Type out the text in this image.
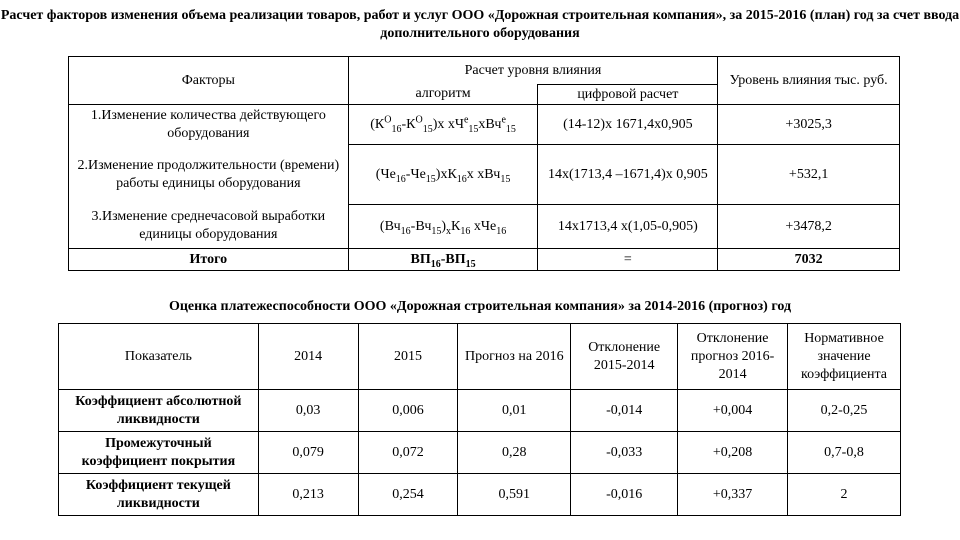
Расчет факторов изменения объема реализации товаров, работ и услуг ООО «Дорожная строительная компания», за 2015-2016 (план) год за счет ввода дополнительного оборудования
Факторы	Расчет уровня влияния		Уровень влияния тыс. руб.
	алгоритм	цифровой расчет	
1.Изменение количества действующего оборудования	$(К^О_{16}-К^О_{15})х$ $хЧ^е_{15}хВч^е_{15}$	(14-12)х 1671,4х0,905	+3025,3
2.Изменение продолжительности (времени) работы единицы оборудования	$(Че_{16}-Че_{15})хК_{16}х$ хВч$_{15}$	14х(1713,4 –1671,4)х 0,905	+532,1
3.Изменение среднечасовой выработки единицы оборудования	$(Вч_{16}-Вч_{15})_хК_{16}$ хЧе$_{16}$	14х1713,4 х(1,05-0,905)	+3478,2
Итого	$ВП_{16}-ВП_{15}$	=	7032
Оценка платежеспособности ООО «Дорожная строительная компания» за 2014-2016 (прогноз) год
Показатель	2014	2015	Прогноз на 2016	Отклонение 2015-2014	Отклонение прогноз 2016-2014	Нормативное значение коэффициента
Коэффициент абсолютной ликвидности	0,03	0,006	0,01	-0,014	+0,004	0,2-0,25
Промежуточный коэффициент покрытия	0,079	0,072	0,28	-0,033	+0,208	0,7-0,8
Коэффициент текущей ликвидности	0,213	0,254	0,591	-0,016	+0,337	2
